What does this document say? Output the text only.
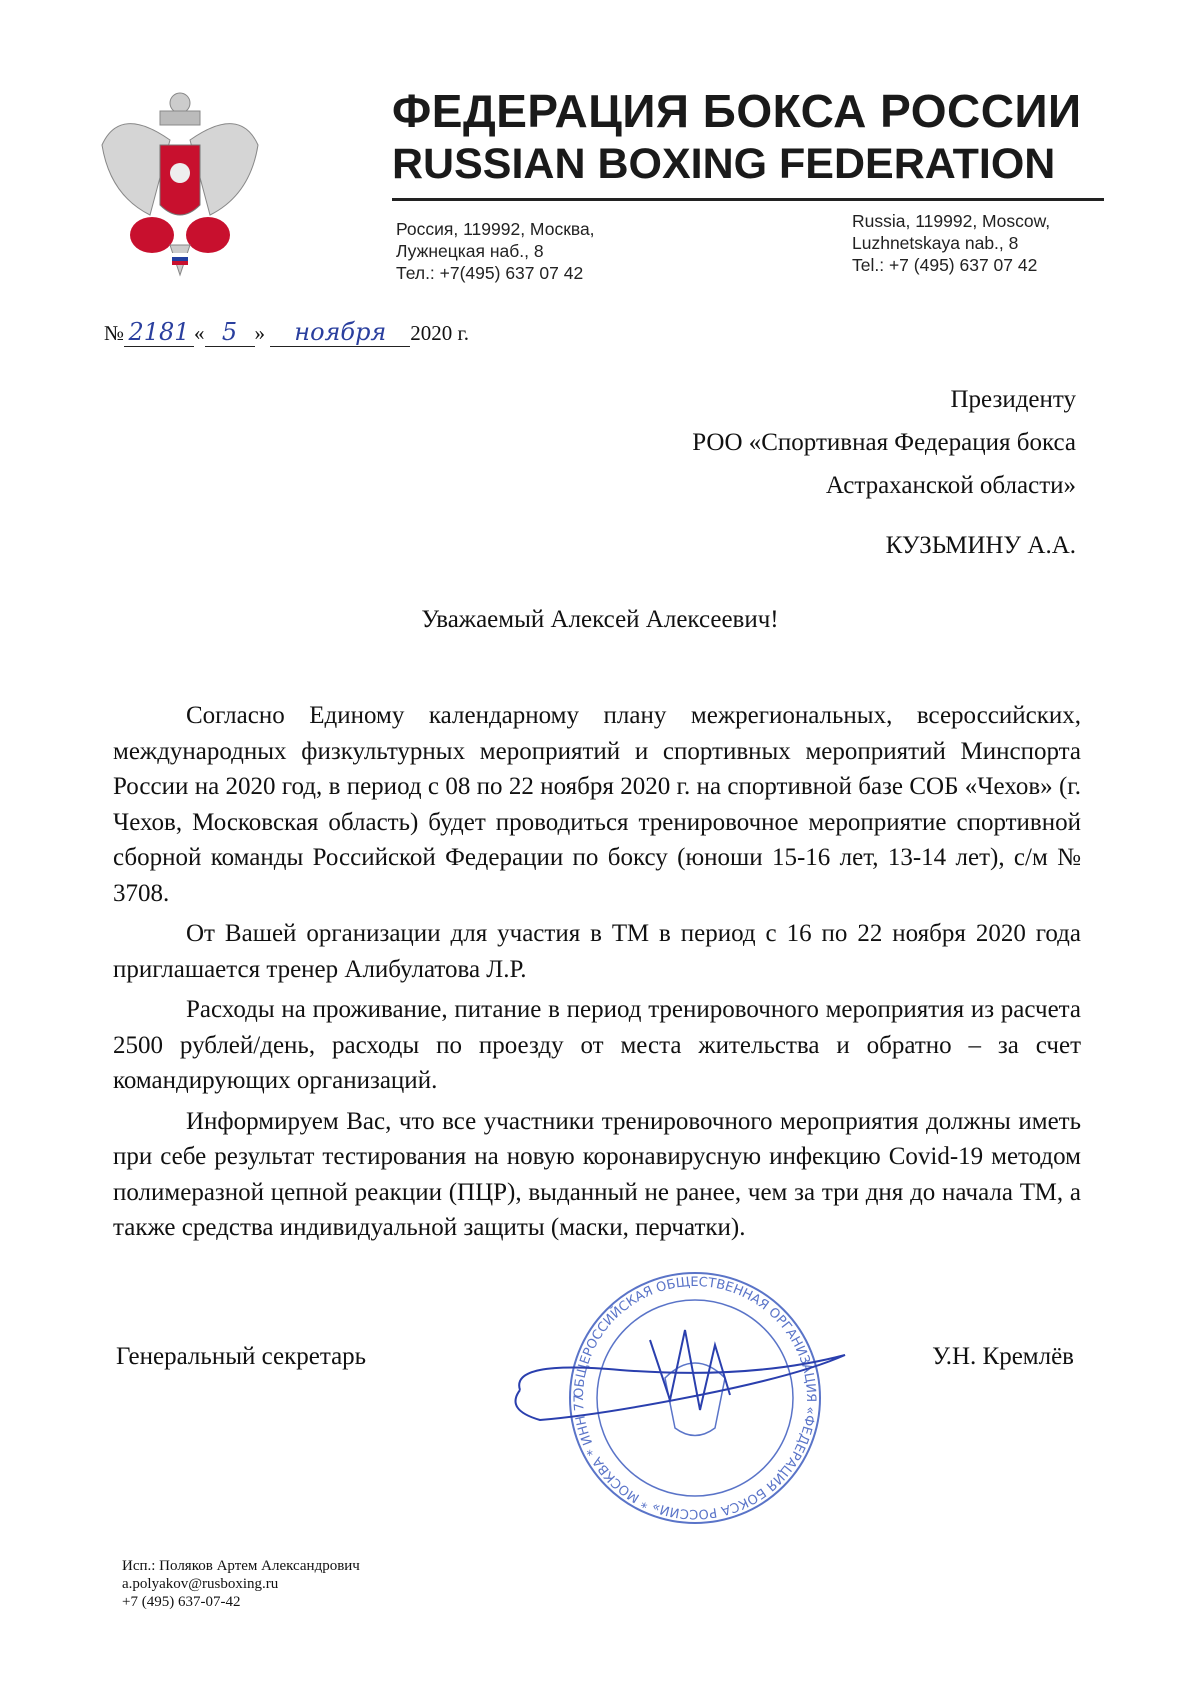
ФЕДЕРАЦИЯ БОКСА РОССИИ
RUSSIAN BOXING FEDERATION
Россия, 119992, Москва,
Лужнецкая наб., 8
Тел.: +7(495) 637 07 42
Russia, 119992, Moscow,
Luzhnetskaya nab., 8
Tel.: +7 (495) 637 07 42
№ 2181 « 5 » ноября 2020 г.
Президенту
РОО «Спортивная Федерация бокса
Астраханской области»
КУЗЬМИНУ А.А.
Уважаемый Алексей Алексеевич!

Согласно Единому календарному плану межрегиональных, всероссийских, международных физкультурных мероприятий и спортивных мероприятий Минспорта России на 2020 год, в период с 08 по 22 ноября 2020 г. на спортивной базе СОБ «Чехов» (г. Чехов, Московская область) будет проводиться тренировочное мероприятие спортивной сборной команды Российской Федерации по боксу (юноши 15-16 лет, 13-14 лет), с/м № 3708.

От Вашей организации для участия в ТМ в период с 16 по 22 ноября 2020 года приглашается тренер Алибулатова Л.Р.

Расходы на проживание, питание в период тренировочного мероприятия из расчета 2500 рублей/день, расходы по проезду от места жительства и обратно – за счет командирующих организаций.

Информируем Вас, что все участники тренировочного мероприятия должны иметь при себе результат тестирования на новую коронавирусную инфекцию Covid-19 методом полимеразной цепной реакции (ПЦР), выданный не ранее, чем за три дня до начала ТМ, а также средства индивидуальной защиты (маски, перчатки).

ОБЩЕРОССИЙСКАЯ ОБЩЕСТВЕННАЯ ОРГАНИЗАЦИЯ «ФЕДЕРАЦИЯ БОКСА РОССИИ» * МОСКВА * ИНН 77
Генеральный секретарь	У.Н. Кремлёв
Исп.: Поляков Артем Александрович
a.polyakov@rusboxing.ru
+7 (495) 637-07-42
